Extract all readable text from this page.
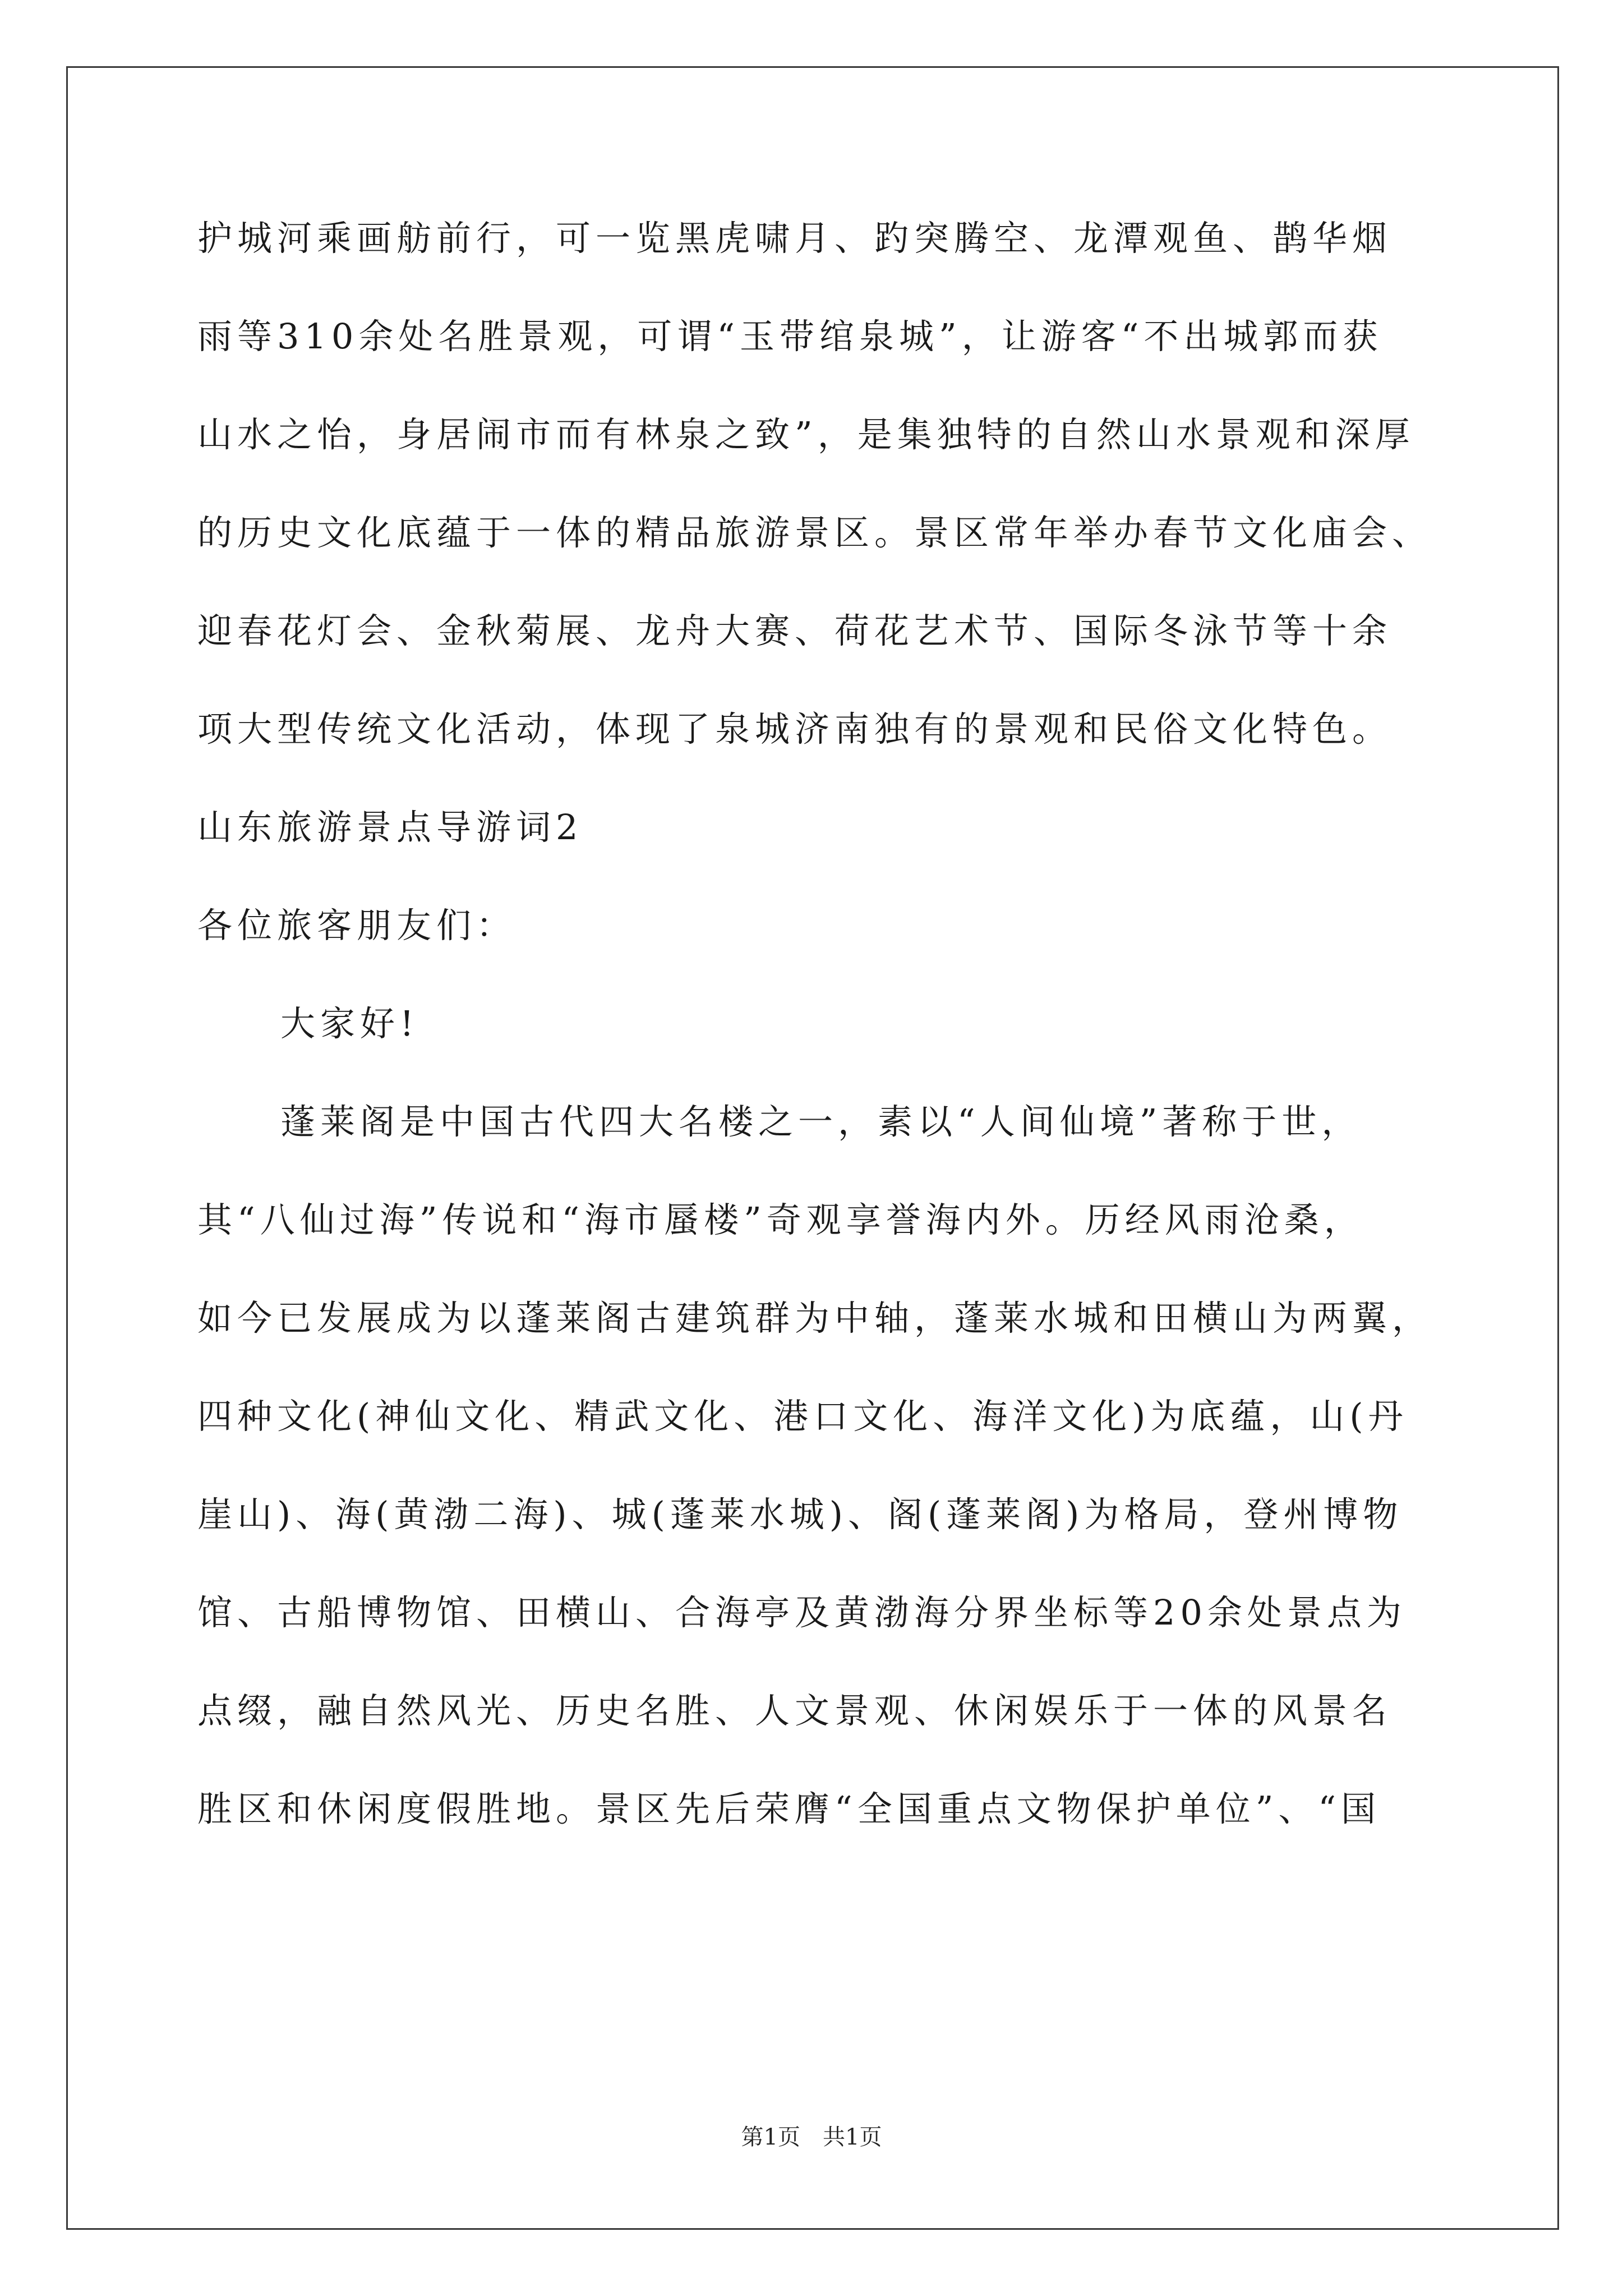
护城河乘画舫前行，可一览黑虎啸月、趵突腾空、龙潭观鱼、鹊华烟
雨等310余处名胜景观，可谓“玉带绾泉城”，让游客“不出城郭而获
山水之怡，身居闹市而有林泉之致”，是集独特的自然山水景观和深厚
的历史文化底蕴于一体的精品旅游景区。景区常年举办春节文化庙会、
迎春花灯会、金秋菊展、龙舟大赛、荷花艺术节、国际冬泳节等十余
项大型传统文化活动，体现了泉城济南独有的景观和民俗文化特色。
山东旅游景点导游词2
各位旅客朋友们：
大家好!
蓬莱阁是中国古代四大名楼之一，素以“人间仙境”著称于世，
其“八仙过海”传说和“海市蜃楼”奇观享誉海内外。历经风雨沧桑，
如今已发展成为以蓬莱阁古建筑群为中轴，蓬莱水城和田横山为两翼，
四种文化(神仙文化、精武文化、港口文化、海洋文化)为底蕴，山(丹
崖山)、海(黄渤二海)、城(蓬莱水城)、阁(蓬莱阁)为格局，登州博物
馆、古船博物馆、田横山、合海亭及黄渤海分界坐标等20余处景点为
点缀，融自然风光、历史名胜、人文景观、休闲娱乐于一体的风景名
胜区和休闲度假胜地。景区先后荣膺“全国重点文物保护单位”、“国
第1页　共1页
